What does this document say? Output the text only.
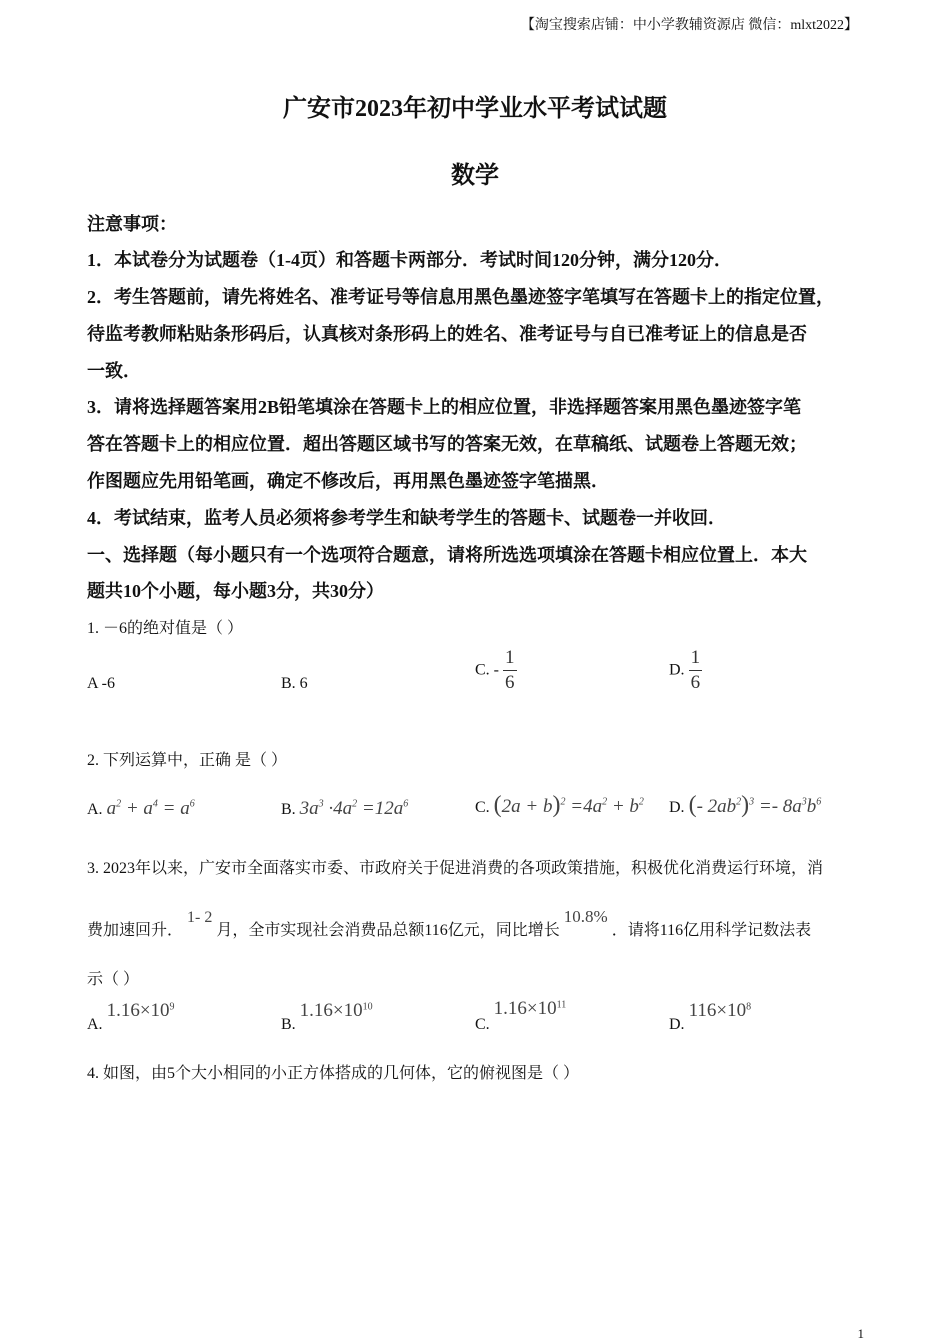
【淘宝搜索店铺：中小学教辅资源店 微信：mlxt2022】
广安市2023年初中学业水平考试试题
数学
注意事项：
1．本试卷分为试题卷（1-4页）和答题卡两部分．考试时间120分钟，满分120分．
2．考生答题前，请先将姓名、准考证号等信息用黑色墨迹签字笔填写在答题卡上的指定位置，
待监考教师粘贴条形码后，认真核对条形码上的姓名、准考证号与自已准考证上的信息是否
一致．
3．请将选择题答案用2B铅笔填涂在答题卡上的相应位置，非选择题答案用黑色墨迹签字笔
答在答题卡上的相应位置．超出答题区域书写的答案无效，在草稿纸、试题卷上答题无效；
作图题应先用铅笔画，确定不修改后，再用黑色墨迹签字笔描黑．
4．考试结束，监考人员必须将参考学生和缺考学生的答题卡、试题卷一并收回．
一、选择题（每小题只有一个选项符合题意，请将所选选项填涂在答题卡相应位置上．本大
题共10个小题，每小题3分，共30分）
1. －6的绝对值是（ ）
A -6	B. 6
C. - $\frac{1}{6}$	D. $\frac{1}{6}$
2. 下列运算中，正确 是（ ）
A. $a^2 + a^4 = a^6$	B. $3a^3 \cdot 4a^2 =12a^6$	C. $(2a + b)^2 =4a^2 + b^2$ D. (- $2ab^2)^3 =- 8a^3b^6$
3. 2023年以来，广安市全面落实市委、市政府关于促进消费的各项政策措施，积极优化消费运行环境，消
费加速回升． 1- 2 月，全市实现社会消费品总额116亿元，同比增长 10.8% ．请将116亿用科学记数法表
示（ ）
A. $1.16\times 10^9$
B. $1.16\times 10^{10}$
C. $1.16\times 10^{11}$
D. $116\times 10^8$
4. 如图，由5个大小相同的小正方体搭成的几何体，它的俯视图是（ ）
1
